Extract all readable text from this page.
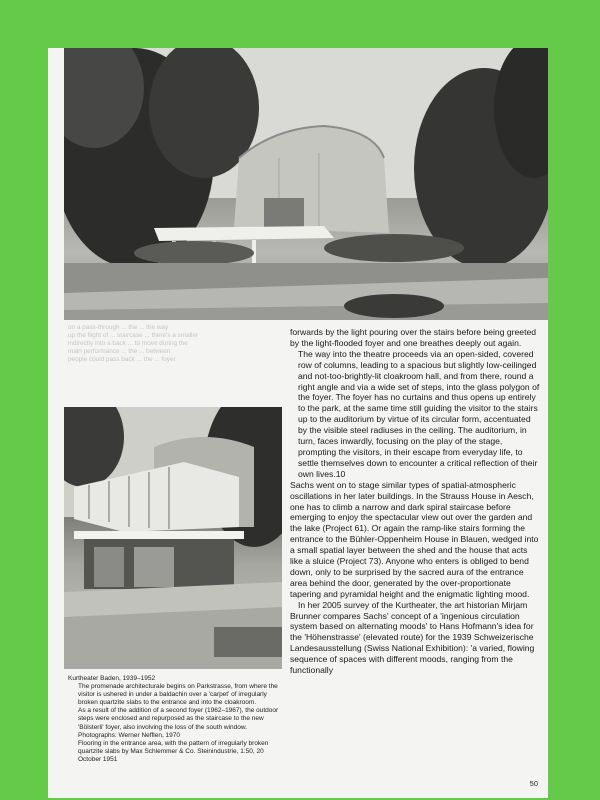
on a pass-through ... the ... the way
up the flight of ... staircase ... there's a smaller
indirectly into a back ... to move during the
main performance ... the ... between
people could pass back ... the ... foyer

forwards by the light pouring over the stairs before being greeted by the light-flooded foyer and one breathes deeply out again.

The way into the theatre proceeds via an open-sided, covered row of columns, leading to a spacious but slightly low-ceilinged and not-too-brightly-lit cloakroom hall, and from there, round a right angle and via a wide set of steps, into the glass polygon of the foyer. The foyer has no curtains and thus opens up entirely to the park, at the same time still guiding the visitor to the stairs up to the auditorium by virtue of its circular form, accentuated by the visible steel radiuses in the ceiling. The auditorium, in turn, faces inwardly, focusing on the play of the stage, prompting the visitors, in their escape from everyday life, to settle themselves down to encounter a critical reflection of their own lives.10

Sachs went on to stage similar types of spatial-atmospheric oscillations in her later buildings. In the Strauss House in Aesch, one has to climb a narrow and dark spiral staircase before emerging to enjoy the spectacular view out over the garden and the lake (Project 61). Or again the ramp-like stairs forming the entrance to the Bühler-Oppenheim House in Blauen, wedged into a small spatial layer between the shed and the house that acts like a sluice (Project 73). Anyone who enters is obliged to bend down, only to be surprised by the sacred aura of the entrance area behind the door, generated by the over-proportionate tapering and pyramidal height and the enigmatic lighting mood.

In her 2005 survey of the Kurtheater, the art historian Mirjam Brunner compares Sachs' concept of a 'ingenious circulation system based on alternating moods' to Hans Hofmann's idea for the 'Höhenstrasse' (elevated route) for the 1939 Schweizerische Landesausstellung (Swiss National Exhibition): 'a varied, flowing sequence of spaces with different moods, ranging from the functionally

Kurtheater Baden, 1939–1952

The promenade architecturale begins on Parkstrasse, from where the visitor is ushered in under a baldachin over a 'carpet' of irregularly broken quartzite slabs to the entrance and into the cloakroom.

As a result of the addition of a second foyer (1962–1967), the outdoor steps were enclosed and repurposed as the staircase to the new 'Bölsterli' foyer, also involving the loss of the south window.

Photographs: Werner Nefflen, 1970

Flooring in the entrance area, with the pattern of irregularly broken quartzite slabs by Max Schlemmer & Co. Steinindustrie, 1:50, 20 October 1951

50
